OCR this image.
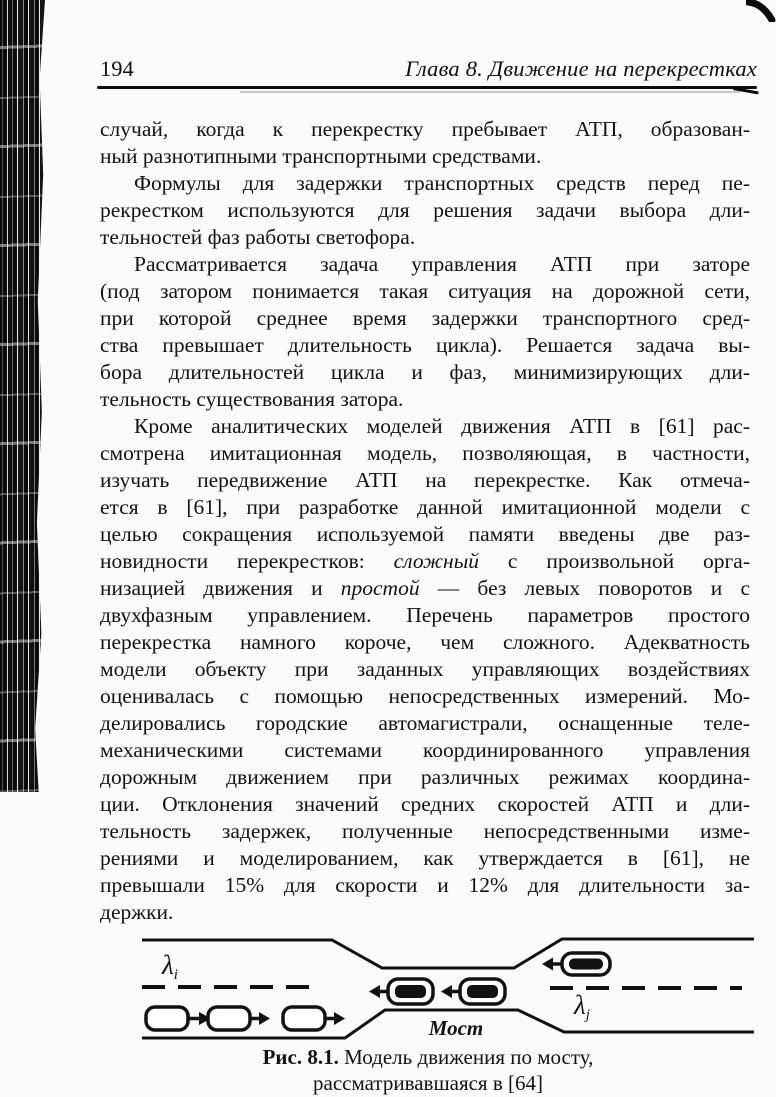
194	Глава 8. Движение на перекрестках
случай, когда к перекрестку пребывает АТП, образован-
ный разнотипными транспортными средствами.
Формулы для задержки транспортных средств перед пе-
рекрестком используются для решения задачи выбора дли-
тельностей фаз работы светофора.
Рассматривается задача управления АТП при заторе
(под затором понимается такая ситуация на дорожной сети,
при которой среднее время задержки транспортного сред-
ства превышает длительность цикла). Решается задача вы-
бора длительностей цикла и фаз, минимизирующих дли-
тельность существования затора.
Кроме аналитических моделей движения АТП в [61] рас-
смотрена имитационная модель, позволяющая, в частности,
изучать передвижение АТП на перекрестке. Как отмеча-
ется в [61], при разработке данной имитационной модели с
целью сокращения используемой памяти введены две раз-
новидности перекрестков: сложный с произвольной орга-
низацией движения и простой — без левых поворотов и с
двухфазным управлением. Перечень параметров простого
перекрестка намного короче, чем сложного. Адекватность
модели объекту при заданных управляющих воздействиях
оценивалась с помощью непосредственных измерений. Мо-
делировались городские автомагистрали, оснащенные теле-
механическими системами координированного управления
дорожным движением при различных режимах координа-
ции. Отклонения значений средних скоростей АТП и дли-
тельность задержек, полученные непосредственными изме-
рениями и моделированием, как утверждается в [61], не
превышали 15% для скорости и 12% для длительности за-
держки.
λi
λj
Мост
Рис. 8.1. Модель движения по мосту,
рассматривавшаяся в [64]
